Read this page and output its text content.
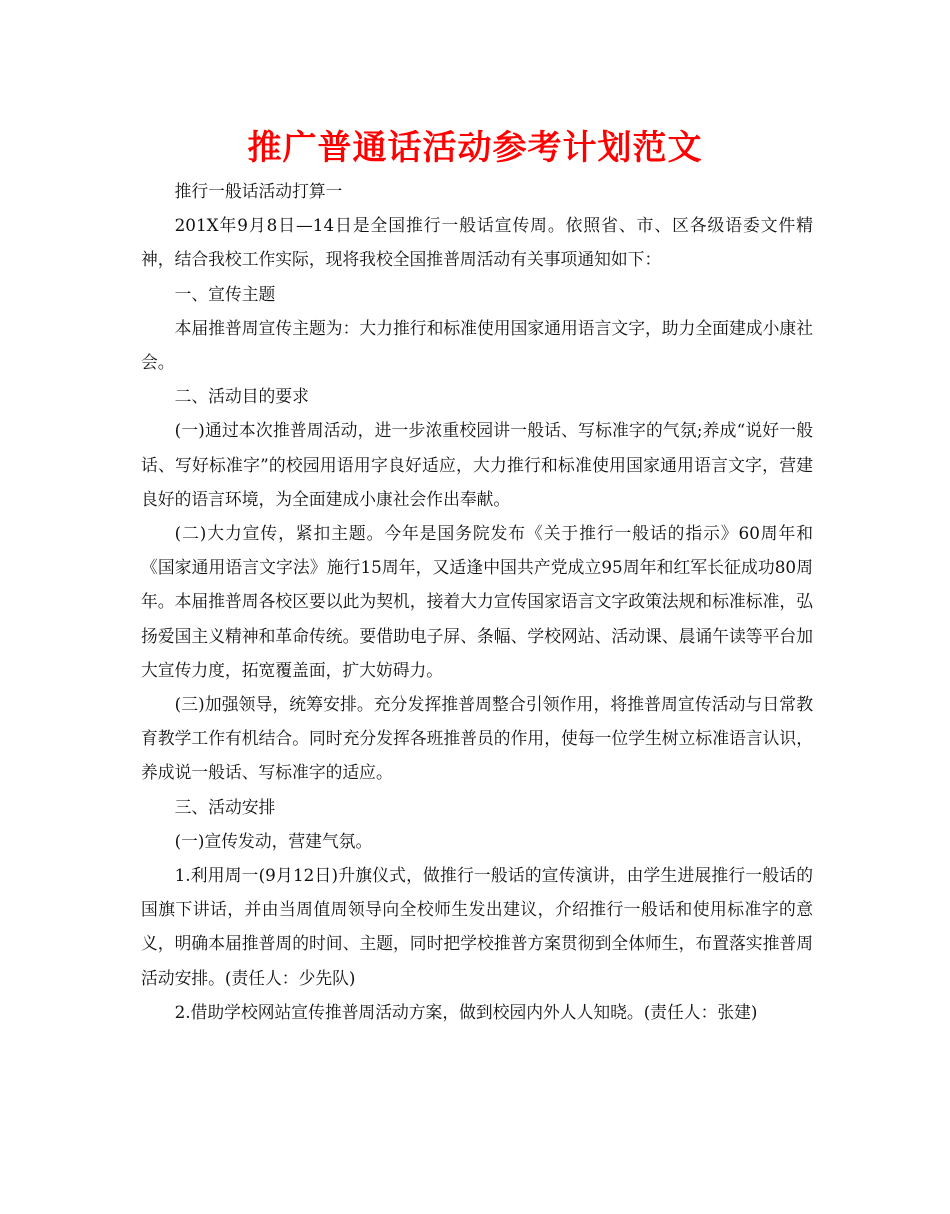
推广普通话活动参考计划范文

推行一般话活动打算一

201X年9月8日—14日是全国推行一般话宣传周。依照省、市、区各级语委文件精神，结合我校工作实际，现将我校全国推普周活动有关事项通知如下：

一、宣传主题

本届推普周宣传主题为：大力推行和标准使用国家通用语言文字，助力全面建成小康社会。

二、活动目的要求

(一)通过本次推普周活动，进一步浓重校园讲一般话、写标准字的气氛;养成“说好一般话、写好标准字”的校园用语用字良好适应，大力推行和标准使用国家通用语言文字，营建良好的语言环境，为全面建成小康社会作出奉献。

(二)大力宣传，紧扣主题。今年是国务院发布《关于推行一般话的指示》60周年和《国家通用语言文字法》施行15周年，又适逢中国共产党成立95周年和红军长征成功80周年。本届推普周各校区要以此为契机，接着大力宣传国家语言文字政策法规和标准标准，弘扬爱国主义精神和革命传统。要借助电子屏、条幅、学校网站、活动课、晨诵午读等平台加大宣传力度，拓宽覆盖面，扩大妨碍力。

(三)加强领导，统筹安排。充分发挥推普周整合引领作用，将推普周宣传活动与日常教育教学工作有机结合。同时充分发挥各班推普员的作用，使每一位学生树立标准语言认识，养成说一般话、写标准字的适应。

三、活动安排

(一)宣传发动，营建气氛。

1.利用周一(9月12日)升旗仪式，做推行一般话的宣传演讲，由学生进展推行一般话的国旗下讲话，并由当周值周领导向全校师生发出建议，介绍推行一般话和使用标准字的意义，明确本届推普周的时间、主题，同时把学校推普方案贯彻到全体师生，布置落实推普周活动安排。(责任人：少先队)

2.借助学校网站宣传推普周活动方案，做到校园内外人人知晓。(责任人：张建)
